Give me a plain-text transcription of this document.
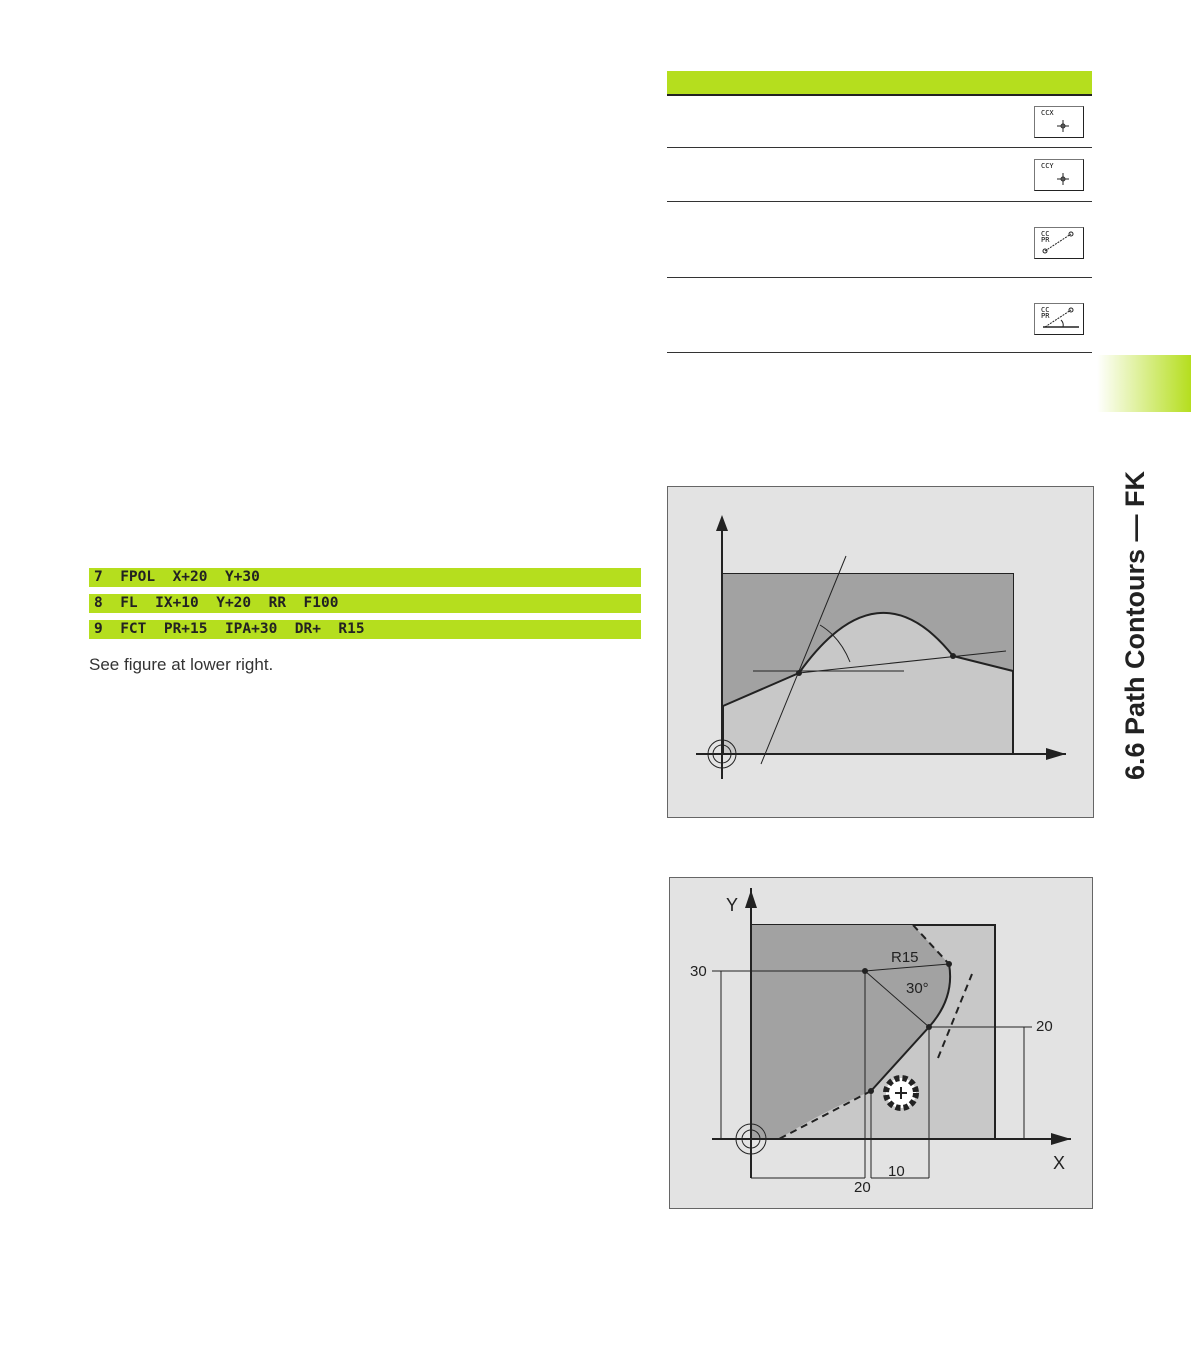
CCX
CCY
CC PR
CC PR
7  FPOL  X+20  Y+30
8  FL  IX+10  Y+20  RR  F100
9  FCT  PR+15  IPA+30  DR+  R15
See figure at lower right.
Y
X
30
20
20
10
R15
30°
6.6 Path Contours — FK
